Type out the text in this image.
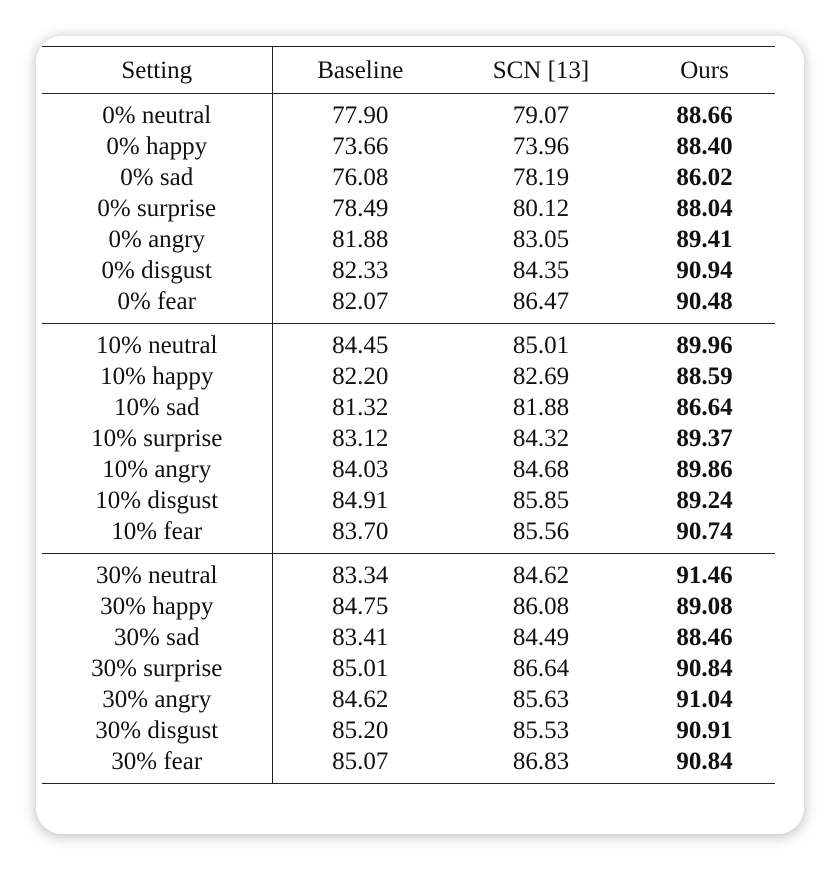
Setting	Baseline	SCN [13]	Ours
0% neutral	77.90	79.07	88.66
0% happy	73.66	73.96	88.40
0% sad	76.08	78.19	86.02
0% surprise	78.49	80.12	88.04
0% angry	81.88	83.05	89.41
0% disgust	82.33	84.35	90.94
0% fear	82.07	86.47	90.48
10% neutral	84.45	85.01	89.96
10% happy	82.20	82.69	88.59
10% sad	81.32	81.88	86.64
10% surprise	83.12	84.32	89.37
10% angry	84.03	84.68	89.86
10% disgust	84.91	85.85	89.24
10% fear	83.70	85.56	90.74
30% neutral	83.34	84.62	91.46
30% happy	84.75	86.08	89.08
30% sad	83.41	84.49	88.46
30% surprise	85.01	86.64	90.84
30% angry	84.62	85.63	91.04
30% disgust	85.20	85.53	90.91
30% fear	85.07	86.83	90.84
